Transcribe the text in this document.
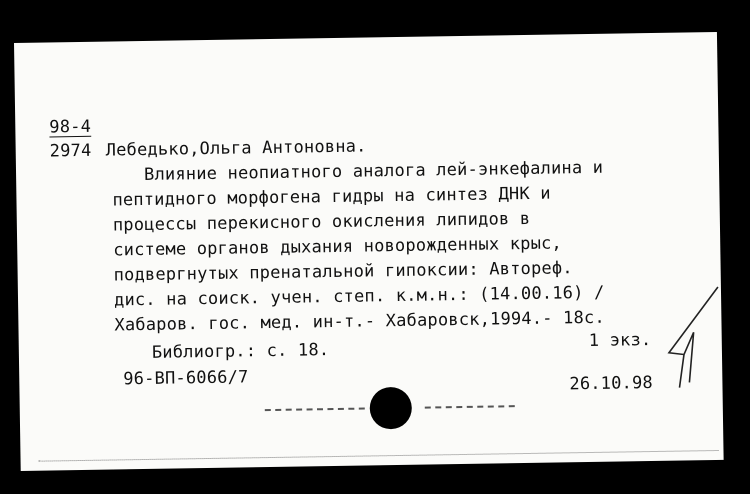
98-4
2974 Лебедько,Ольга Антоновна.
Влияние неопиатного аналога лей-энкефалина и
пептидного морфогена гидры на синтез ДНК и
процессы перекисного окисления липидов в
системе органов дыхания новорожденных крыс,
подвергнутых пренатальной гипоксии: Автореф.
дис. на соиск. учен. степ. к.м.н.: (14.00.16) /
Хабаров. гос. мед. ин-т.- Хабаровск,1994.- 18с.
1 экз.
Библиогр.: с. 18.
96-ВП-6066/7	26.10.98
